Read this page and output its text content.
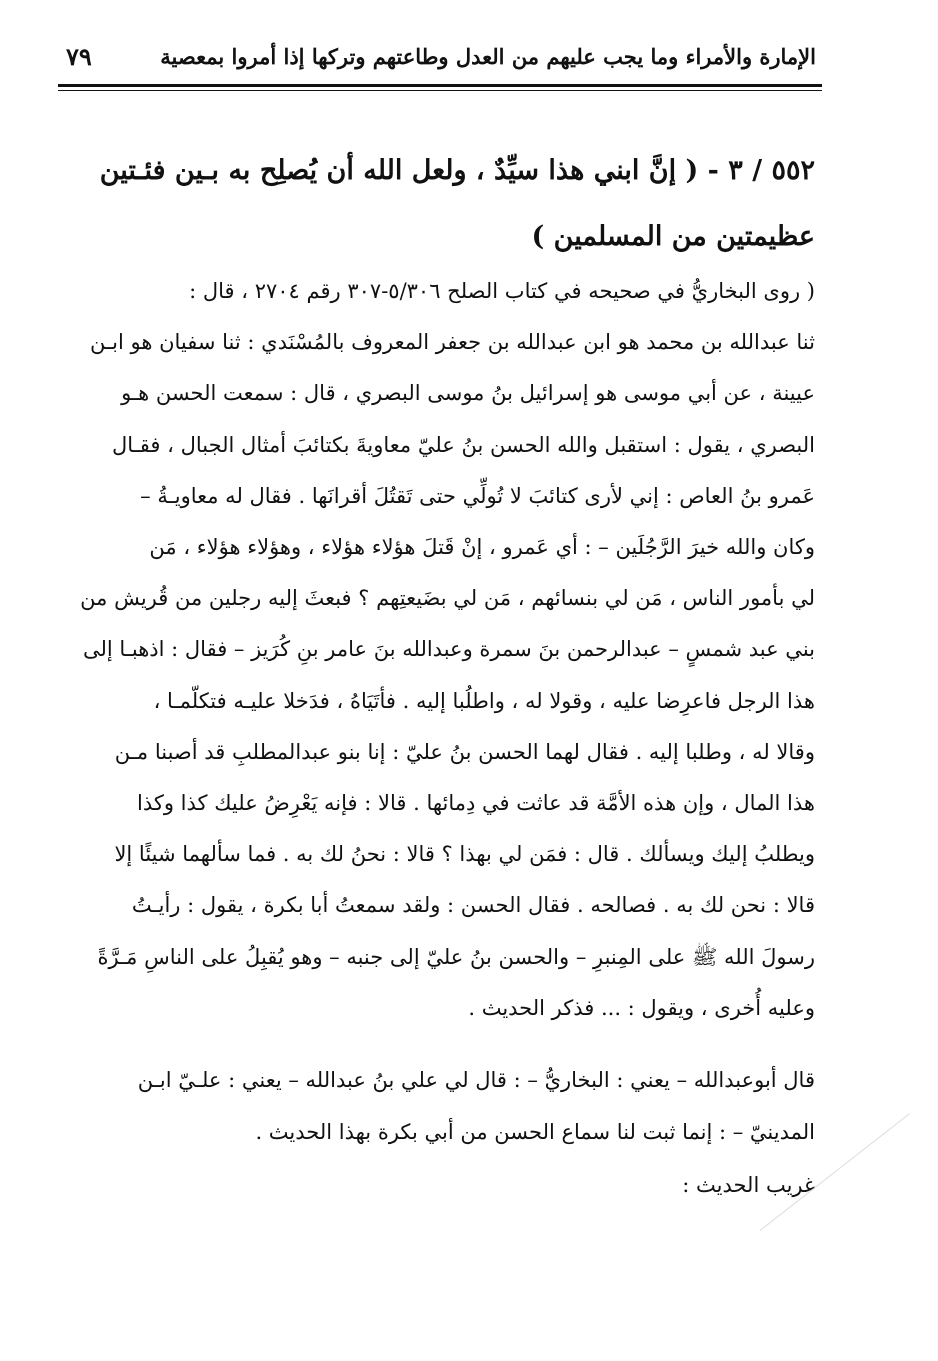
٧٩	الإمارة والأمراء وما يجب عليهم من العدل وطاعتهم وتركها إذا أمروا بمعصية
٥٥٢ / ٣ - ( إنَّ ابني هذا سيِّدٌ ، ولعل الله أن يُصلِح به بـين فئـتين
عظيمتين من المسلمين )
( روى البخاريُّ في صحيحه في كتاب الصلح ٥/٣٠٦-٣٠٧ رقم ٢٧٠٤ ، قال :
ثنا عبدالله بن محمد هو ابن عبدالله بن جعفر المعروف بالمُسْنَدي : ثنا سفيان هو ابـن
عيينة ، عن أبي موسى هو إسرائيل بنُ موسى البصري ، قال : سمعت الحسن هـو
البصري ، يقول : استقبل والله الحسن بنُ عليّ معاويةَ بكتائبَ أمثال الجبال ، فقـال
عَمرو بنُ العاص : إني لأرى كتائبَ لا تُولِّي حتى تَقتُلَ أقرانَها . فقال له معاويـةُ –
وكان والله خيرَ الرَّجُلَين – : أي عَمرو ، إنْ قَتلَ هؤلاء هؤلاء ، وهؤلاء هؤلاء ، مَن
لي بأمور الناس ، مَن لي بنسائهم ، مَن لي بضَيعتِهم ؟ فبعثَ إليه رجلين من قُريش من
بني عبد شمسٍ – عبدالرحمن بنَ سمرة وعبدالله بنَ عامر بنِ كُرَيز – فقال : اذهبـا إلى
هذا الرجل فاعرِضا عليه ، وقولا له ، واطلُبا إليه . فأتَيَاهُ ، فدَخلا عليـه فتكلّمـا ،
وقالا له ، وطلبا إليه . فقال لهما الحسن بنُ عليّ : إنا بنو عبدالمطلبِ قد أصبنا مـن
هذا المال ، وإن هذه الأمَّة قد عاثت في دِمائها . قالا : فإنه يَعْرِضُ عليك كذا وكذا
ويطلبُ إليك ويسألك . قال : فمَن لي بهذا ؟ قالا : نحنُ لك به . فما سألهما شيئًا إلا
قالا : نحن لك به . فصالحه . فقال الحسن : ولقد سمعتُ أبا بكرة ، يقول : رأيـتُ
رسولَ الله ﷺ على المِنبرِ – والحسن بنُ عليّ إلى جنبه – وهو يُقبِلُ على الناسِ مَـرَّةً
وعليه أُخرى ، ويقول : ... فذكر الحديث .
قال أبوعبدالله – يعني : البخاريُّ – : قال لي علي بنُ عبدالله – يعني : علـيّ ابـن
المدينيّ – : إنما ثبت لنا سماع الحسن من أبي بكرة بهذا الحديث .
غريب الحديث :
